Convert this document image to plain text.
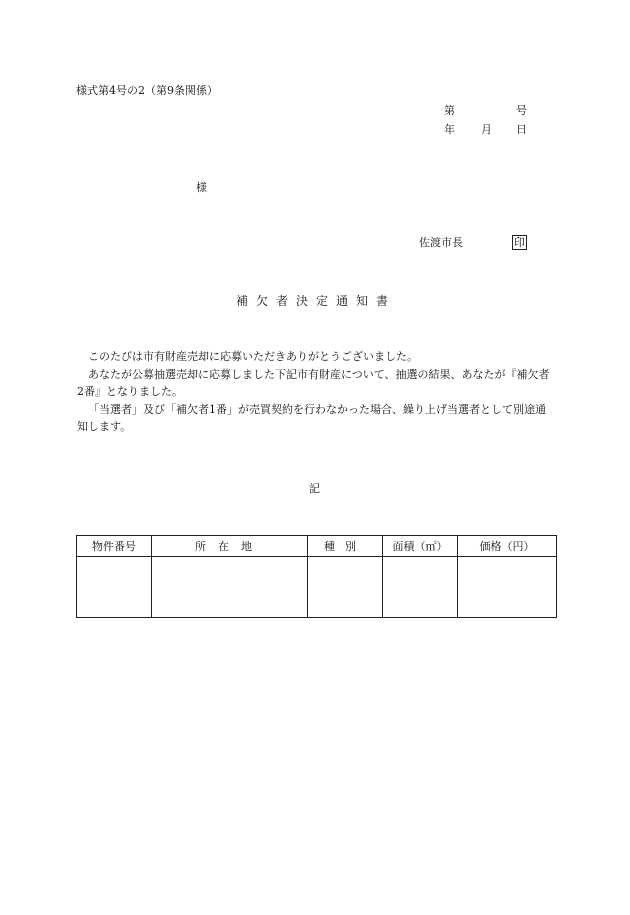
様式第4号の2（第9条関係）
第	号
年 月 日
様
佐渡市長	印
補欠者決定通知書

このたびは市有財産売却に応募いただきありがとうございました。

あなたが公募抽選売却に応募しました下記市有財産について、抽選の結果、あなたが『補欠者2番』となりました。

「当選者」及び「補欠者1番」が売買契約を行わなかった場合、繰り上げ当選者として別途通知します。

記
物件番号	所在地	種別	面積（㎡）	価格（円）
